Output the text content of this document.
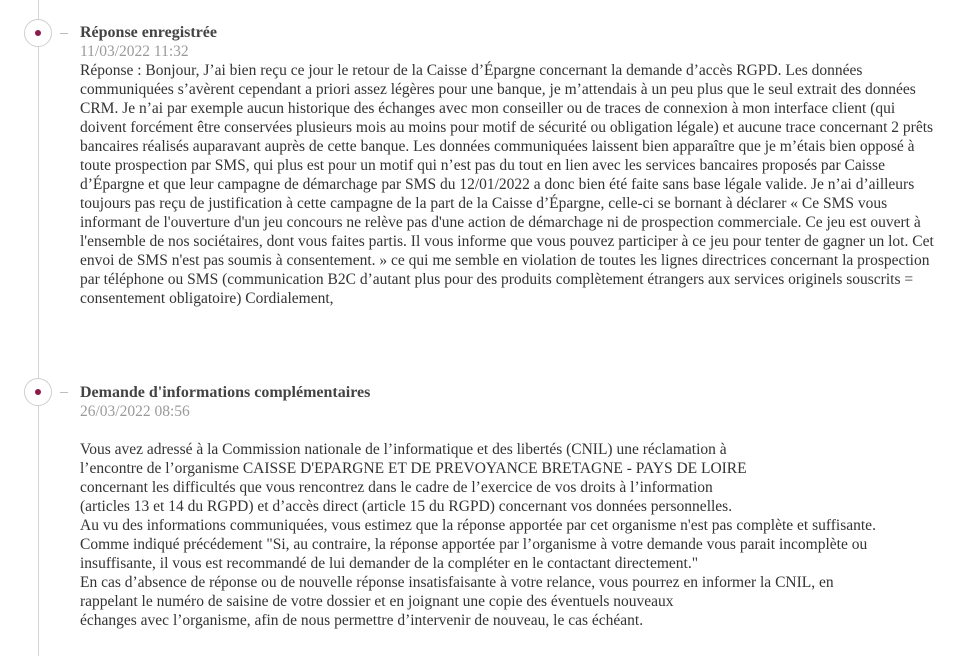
Réponse enregistrée
11/03/2022 11:32

Réponse : Bonjour, J’ai bien reçu ce jour le retour de la Caisse d’Épargne concernant la demande d’accès RGPD. Les données communiquées s’avèrent cependant a priori assez légères pour une banque, je m’attendais à un peu plus que le seul extrait des données CRM. Je n’ai par exemple aucun historique des échanges avec mon conseiller ou de traces de connexion à mon interface client (qui doivent forcément être conservées plusieurs mois au moins pour motif de sécurité ou obligation légale) et aucune trace concernant 2 prêts bancaires réalisés auparavant auprès de cette banque. Les données communiquées laissent bien apparaître que je m’étais bien opposé à toute prospection par SMS, qui plus est pour un motif qui n’est pas du tout en lien avec les services bancaires proposés par Caisse d’Épargne et que leur campagne de démarchage par SMS du 12/01/2022 a donc bien été faite sans base légale valide. Je n’ai d’ailleurs toujours pas reçu de justification à cette campagne de la part de la Caisse d’Épargne, celle-ci se bornant à déclarer « Ce SMS vous informant de l'ouverture d'un jeu concours ne relève pas d'une action de démarchage ni de prospection commerciale. Ce jeu est ouvert à l'ensemble de nos sociétaires, dont vous faites partis. Il vous informe que vous pouvez participer à ce jeu pour tenter de gagner un lot. Cet envoi de SMS n'est pas soumis à consentement. » ce qui me semble en violation de toutes les lignes directrices concernant la prospection par téléphone ou SMS (communication B2C d’autant plus pour des produits complètement étrangers aux services originels souscrits = consentement obligatoire) Cordialement,

Demande d'informations complémentaires
26/03/2022 08:56

Vous avez adressé à la Commission nationale de l’informatique et des libertés (CNIL) une réclamation à

l’encontre de l’organisme CAISSE D'EPARGNE ET DE PREVOYANCE BRETAGNE - PAYS DE LOIRE

concernant les difficultés que vous rencontrez dans le cadre de l’exercice de vos droits à l’information

(articles 13 et 14 du RGPD) et d’accès direct (article 15 du RGPD) concernant vos données personnelles.

Au vu des informations communiquées, vous estimez que la réponse apportée par cet organisme n'est pas complète et suffisante.

Comme indiqué précédement "Si, au contraire, la réponse apportée par l’organisme à votre demande vous parait incomplète ou insuffisante, il vous est recommandé de lui demander de la compléter en le contactant directement."

En cas d’absence de réponse ou de nouvelle réponse insatisfaisante à votre relance, vous pourrez en informer la CNIL, en

rappelant le numéro de saisine de votre dossier et en joignant une copie des éventuels nouveaux

échanges avec l’organisme, afin de nous permettre d’intervenir de nouveau, le cas échéant.
